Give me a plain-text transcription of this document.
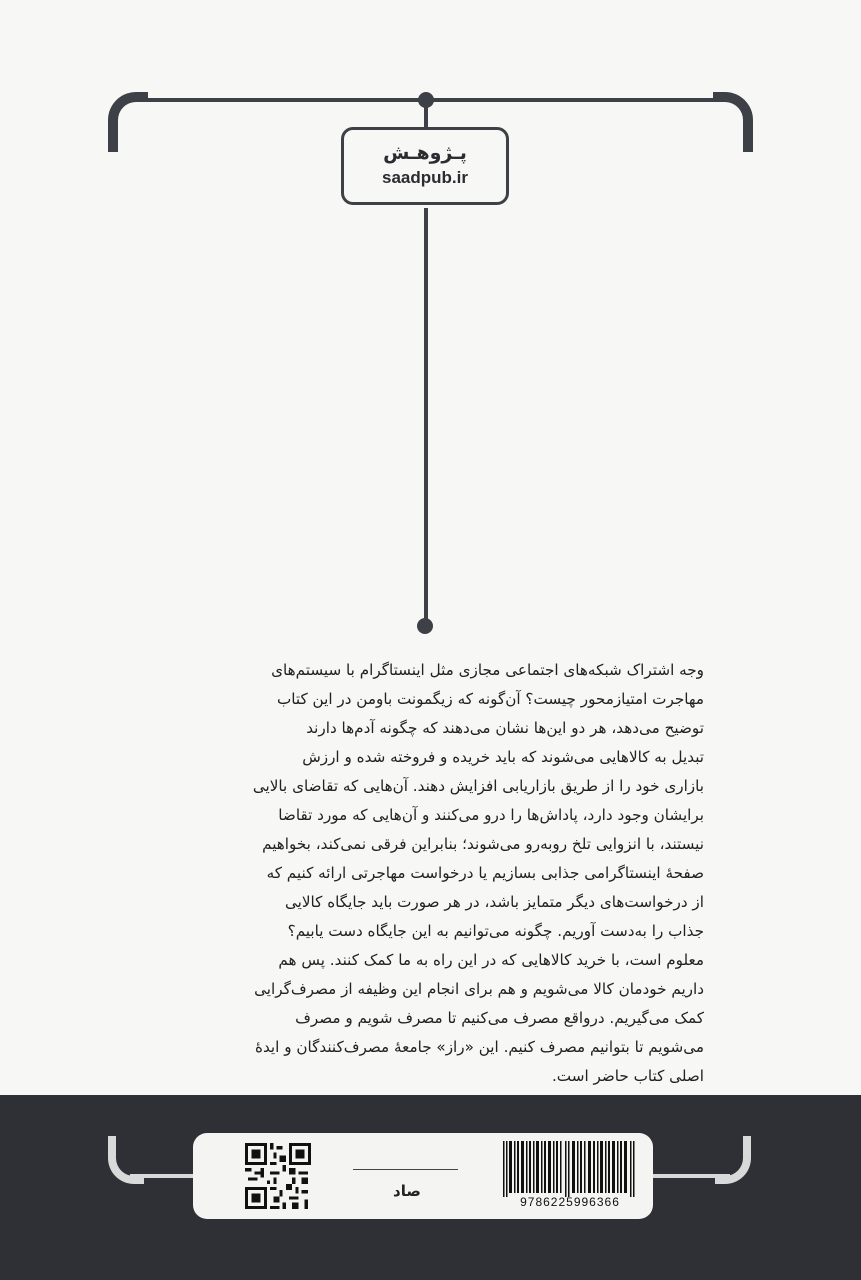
پـژوهـش
saadpub.ir

وجه اشتراک شبکه‌های اجتماعی مجازی مثل اینستاگرام با سیستم‌های

مهاجرت امتیازمحور چیست؟ آن‌گونه که زیگمونت باومن در این کتاب

توضیح می‌دهد، هر دو این‌ها نشان می‌دهند که چگونه آدم‌ها دارند

تبدیل به کالاهایی می‌شوند که باید خریده و فروخته شده و ارزش

بازاری خود را از طریق بازاریابی افزایش دهند. آن‌هایی که تقاضای بالایی

برایشان وجود دارد، پاداش‌ها را درو می‌کنند و آن‌هایی که مورد تقاضا

نیستند، با انزوایی تلخ روبه‌رو می‌شوند؛ بنابراین فرقی نمی‌کند، بخواهیم

صفحهٔ اینستاگرامی جذابی بسازیم یا درخواست مهاجرتی ارائه کنیم که

از درخواست‌های دیگر متمایز باشد، در هر صورت باید جایگاه کالایی

جذاب را به‌دست آوریم. چگونه می‌توانیم به این جایگاه دست یابیم؟

معلوم است، با خرید کالاهایی که در این راه به ما کمک کنند. پس هم

داریم خودمان کالا می‌شویم و هم برای انجام این وظیفه از مصرف‌گرایی

کمک می‌گیریم. درواقع مصرف می‌کنیم تا مصرف شویم و مصرف

می‌شویم تا بتوانیم مصرف کنیم. این «راز» جامعهٔ مصرف‌کنندگان و ایدهٔ

اصلی کتاب حاضر است.

صاد
9786225996366
